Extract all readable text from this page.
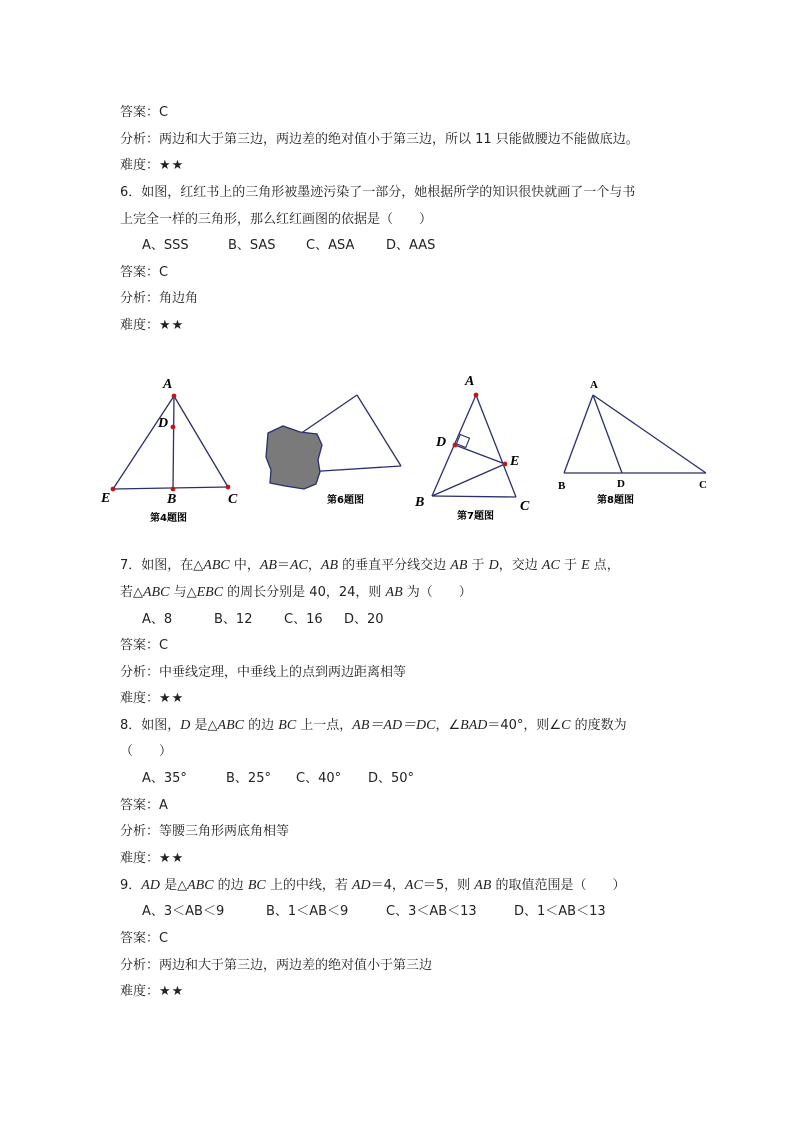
答案：C
分析：两边和大于第三边，两边差的绝对值小于第三边，所以 11 只能做腰边不能做底边。
难度：★★
6．如图，红红书上的三角形被墨迹污染了一部分，她根据所学的知识很快就画了一个与书
上完全一样的三角形，那么红红画图的依据是（　　）
A、SSS	B、SAS C、ASA D、AAS
答案：C
分析：角边角
难度：★★
A
D
E	B	C
第4题图
第6题图
A
D
E
B	C
第7题图
A
B	D	C
第8题图
7．如图，在△ABC 中，AB＝AC，AB 的垂直平分线交边 AB 于 D，交边 AC 于 E 点，
若△ABC 与△EBC 的周长分别是 40，24，则 AB 为（　　）
A、8	B、12 C、16 D、20
答案：C
分析：中垂线定理，中垂线上的点到两边距离相等
难度：★★
8．如图，D 是△ABC 的边 BC 上一点，AB＝AD＝DC，∠BAD＝40°，则∠C 的度数为
（　　）
A、35°	B、25° C、40° D、50°
答案：A
分析：等腰三角形两底角相等
难度：★★
9．AD 是△ABC 的边 BC 上的中线，若 AD＝4，AC＝5，则 AB 的取值范围是（　　）
A、3＜AB＜9	B、1＜AB＜9	C、3＜AB＜13	D、1＜AB＜13
答案：C
分析：两边和大于第三边，两边差的绝对值小于第三边
难度：★★
